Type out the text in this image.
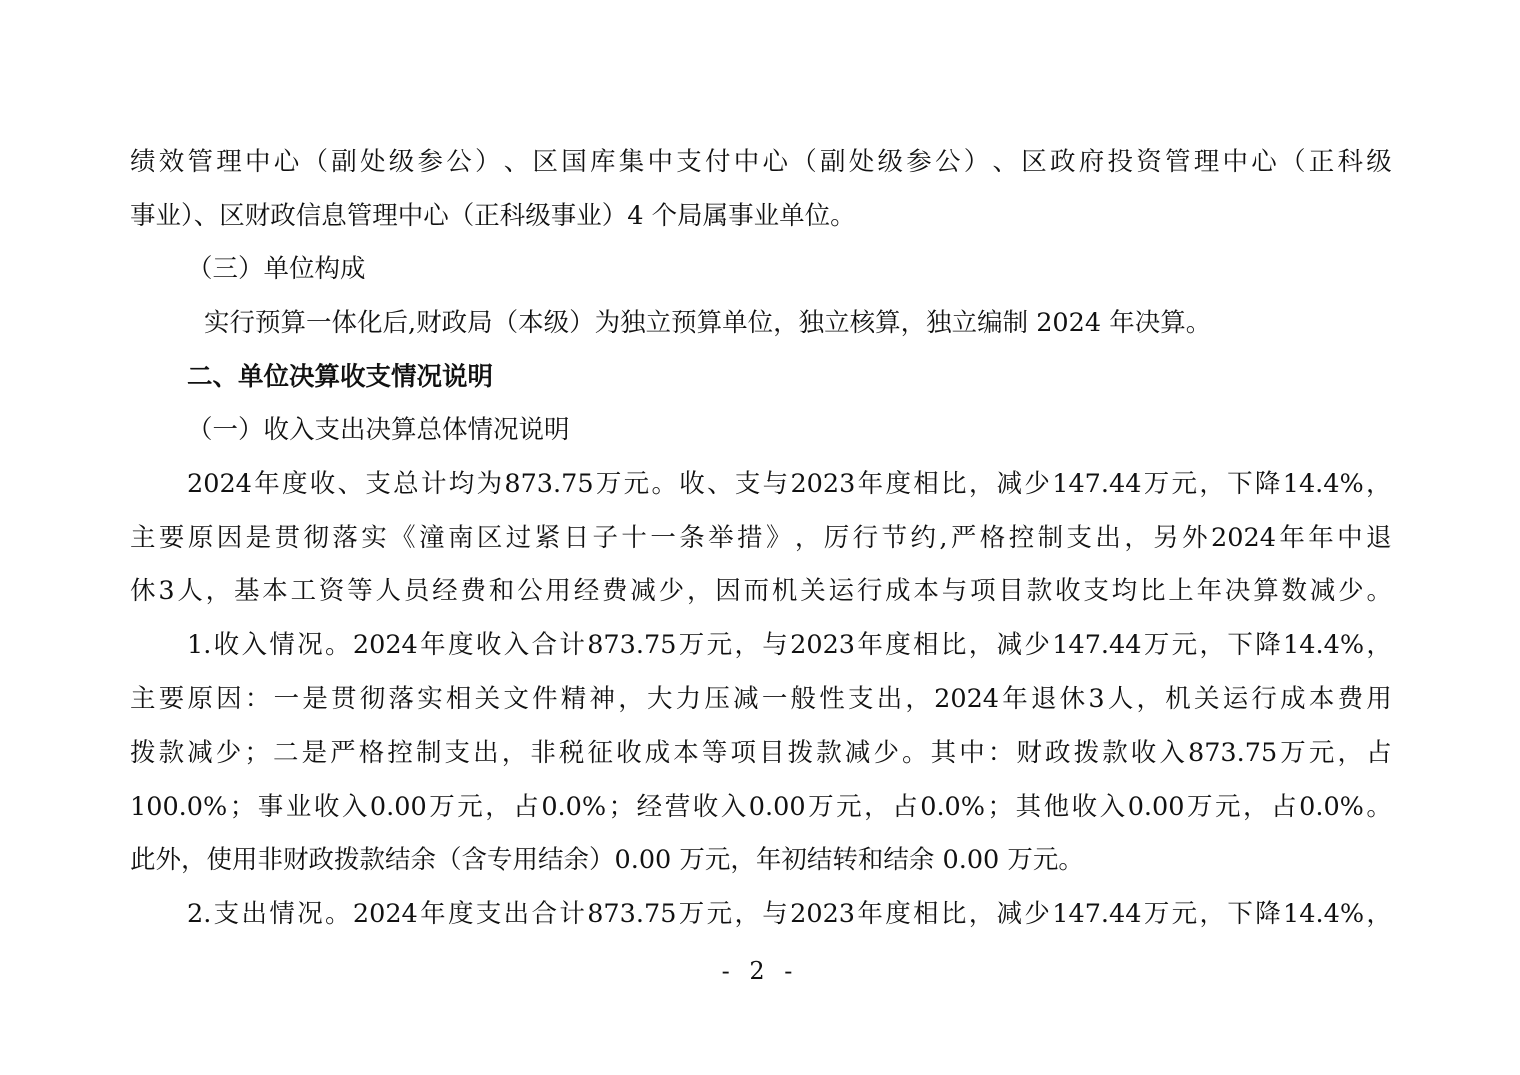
绩 效 管 理 中 心 （ 副 处 级 参 公 ） 、 区 国 库 集 中 支 付 中 心 （ 副 处 级 参 公 ） 、 区 政 府 投 资 管 理 中 心 （ 正 科 级
事业）、区财政信息管理中心（正科级事业）4 个局属事业单位。
（三）单位构成
实行预算一体化后,财政局（本级）为独立预算单位，独立核算，独立编制 2024 年决算。
二、单位决算收支情况说明
（一）收入支出决算总体情况说明
2024 年 度 收 、 支 总 计 均 为 873.75 万 元 。 收 、 支 与 2023 年 度 相 比 ， 减 少 147.44 万 元 ， 下 降 14.4% ，
主 要 原 因 是 贯 彻 落 实 《 潼 南 区 过 紧 日 子 十 一 条 举 措 》 ， 厉 行 节 约 , 严 格 控 制 支 出 ， 另 外 2024 年 年 中 退
休 3 人 ， 基 本 工 资 等 人 员 经 费 和 公 用 经 费 减 少 ， 因 而 机 关 运 行 成 本 与 项 目 款 收 支 均 比 上 年 决 算 数 减 少 。
1. 收 入 情 况 。 2024 年 度 收 入 合 计 873.75 万 元 ， 与 2023 年 度 相 比 ， 减 少 147.44 万 元 ， 下 降 14.4% ，
主 要 原 因 ： 一 是 贯 彻 落 实 相 关 文 件 精 神 ， 大 力 压 减 一 般 性 支 出 ， 2024 年 退 休 3 人 ， 机 关 运 行 成 本 费 用
拨 款 减 少 ； 二 是 严 格 控 制 支 出 ， 非 税 征 收 成 本 等 项 目 拨 款 减 少 。 其 中 ： 财 政 拨 款 收 入 873.75 万 元 ， 占
100.0% ； 事 业 收 入 0.00 万 元 ， 占 0.0% ； 经 营 收 入 0.00 万 元 ， 占 0.0% ； 其 他 收 入 0.00 万 元 ， 占 0.0% 。
此外，使用非财政拨款结余（含专用结余）0.00 万元，年初结转和结余 0.00 万元。
2. 支 出 情 况 。 2024 年 度 支 出 合 计 873.75 万 元 ， 与 2023 年 度 相 比 ， 减 少 147.44 万 元 ， 下 降 14.4% ，
- 2 -
